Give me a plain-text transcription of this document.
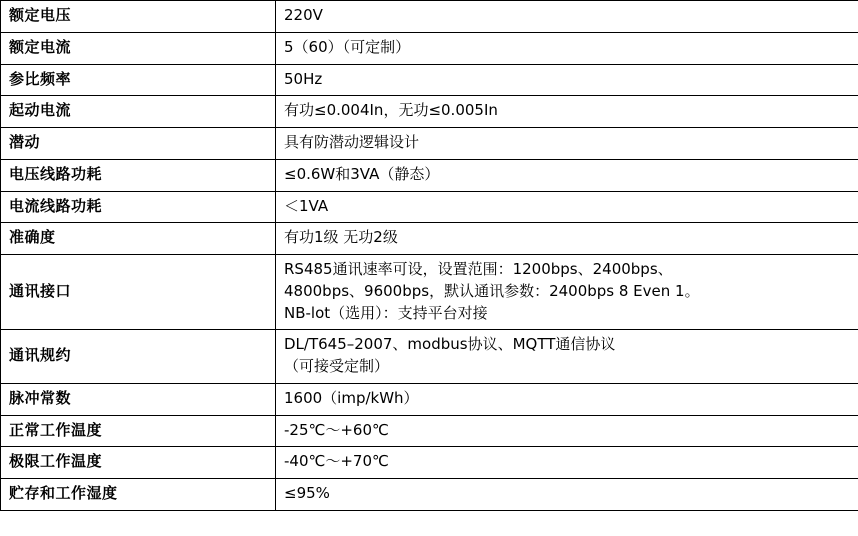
额定电压	220V

额定电流	5（60）（可定制）

参比频率	50Hz

起动电流	有功≤0.004In，无功≤0.005In

潜动	具有防潜动逻辑设计

电压线路功耗	≤0.6W和3VA（静态）

电流线路功耗	＜1VA

准确度	有功1级 无功2级

通讯接口	RS485通讯速率可设，设置范围：1200bps、2400bps、
4800bps、9600bps，默认通讯参数：2400bps 8 Even 1。
NB-lot（选用）：支持平台对接

通讯规约	DL/T645–2007、modbus协议、MQTT通信协议
（可接受定制）

脉冲常数	1600（imp/kWh）

正常工作温度	-25℃～+60℃

极限工作温度	-40℃～+70℃

贮存和工作湿度	≤95%
